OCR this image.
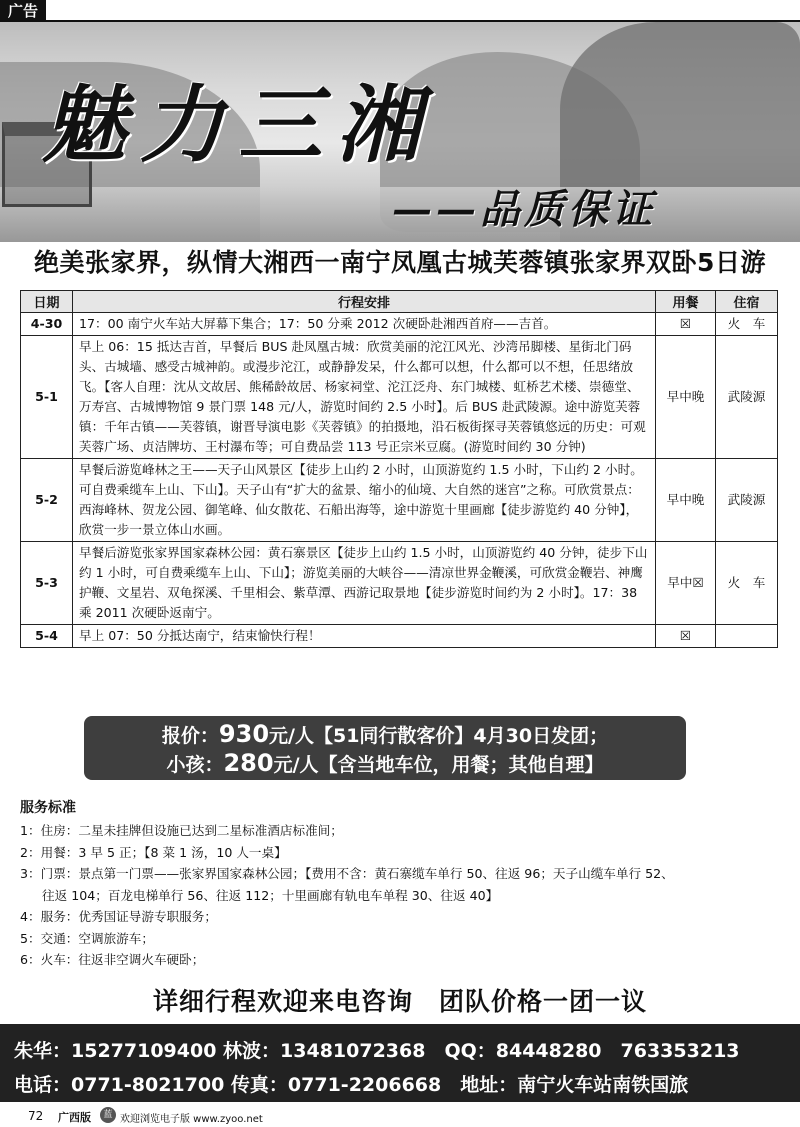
广告
魅力三湘
——品质保证
绝美张家界，纵情大湘西一南宁凤凰古城芙蓉镇张家界双卧5日游
日期	行程安排	用餐	住宿
4-30	17：00 南宁火车站大屏幕下集合；17：50 分乘 2012 次硬卧赴湘西首府——吉首。	☒	火　车
5-1	早上 06：15 抵达吉首，早餐后 BUS 赴凤凰古城：欣赏美丽的沱江风光、沙湾吊脚楼、星街北门码头、古城墙、感受古城神韵。或漫步沱江，或静静发呆，什么都可以想，什么都可以不想，任思绪放飞。【客人自理：沈从文故居、熊稀龄故居、杨家祠堂、沱江泛舟、东门城楼、虹桥艺术楼、崇德堂、万寿宫、古城博物馆 9 景门票 148 元/人，游览时间约 2.5 小时】。后 BUS 赴武陵源。途中游览芙蓉镇：千年古镇——芙蓉镇，谢晋导演电影《芙蓉镇》的拍摄地，沿石板街探寻芙蓉镇悠远的历史：可观芙蓉广场、贞洁牌坊、王村瀑布等；可自费品尝 113 号正宗米豆腐。(游览时间约 30 分钟)	早中晚	武陵源
5-2	早餐后游览峰林之王——天子山风景区【徒步上山约 2 小时，山顶游览约 1.5 小时，下山约 2 小时。可自费乘缆车上山、下山】。天子山有“扩大的盆景、缩小的仙境、大自然的迷宫”之称。可欣赏景点：西海峰林、贺龙公园、御笔峰、仙女散花、石船出海等，途中游览十里画廊【徒步游览约 40 分钟】，欣赏一步一景立体山水画。	早中晚	武陵源
5-3	早餐后游览张家界国家森林公园：黄石寨景区【徒步上山约 1.5 小时，山顶游览约 40 分钟，徒步下山约 1 小时，可自费乘缆车上山、下山】；游览美丽的大峡谷——清凉世界金鞭溪，可欣赏金鞭岩、神鹰护鞭、文星岩、双龟探溪、千里相会、紫草潭、西游记取景地【徒步游览时间约为 2 小时】。17：38 乘 2011 次硬卧返南宁。	早中☒	火　车
5-4	早上 07：50 分抵达南宁，结束愉快行程！	☒	
报价：930元/人【51同行散客价】4月30日发团；
小孩：280元/人【含当地车位，用餐；其他自理】
服务标准
1：住房：二星未挂牌但设施已达到二星标准酒店标准间；
2：用餐：3 早 5 正；【8 菜 1 汤，10 人一桌】
3：门票：景点第一门票——张家界国家森林公园；【费用不含：黄石寨缆车单行 50、往返 96；天子山缆车单行 52、
往返 104；百龙电梯单行 56、往返 112；十里画廊有轨电车单程 30、往返 40】
4：服务：优秀国证导游专职服务；
5：交通：空调旅游车；
6：火车：往返非空调火车硬卧；
详细行程欢迎来电咨询　团队价格一团一议
朱华：15277109400 林波：13481072368　QQ：84448280　763353213
电话：0771-8021700 传真：0771-2206668　地址：南宁火车站南铁国旅
72 广西版	蓝 欢迎浏览电子版 www.zyoo.net
